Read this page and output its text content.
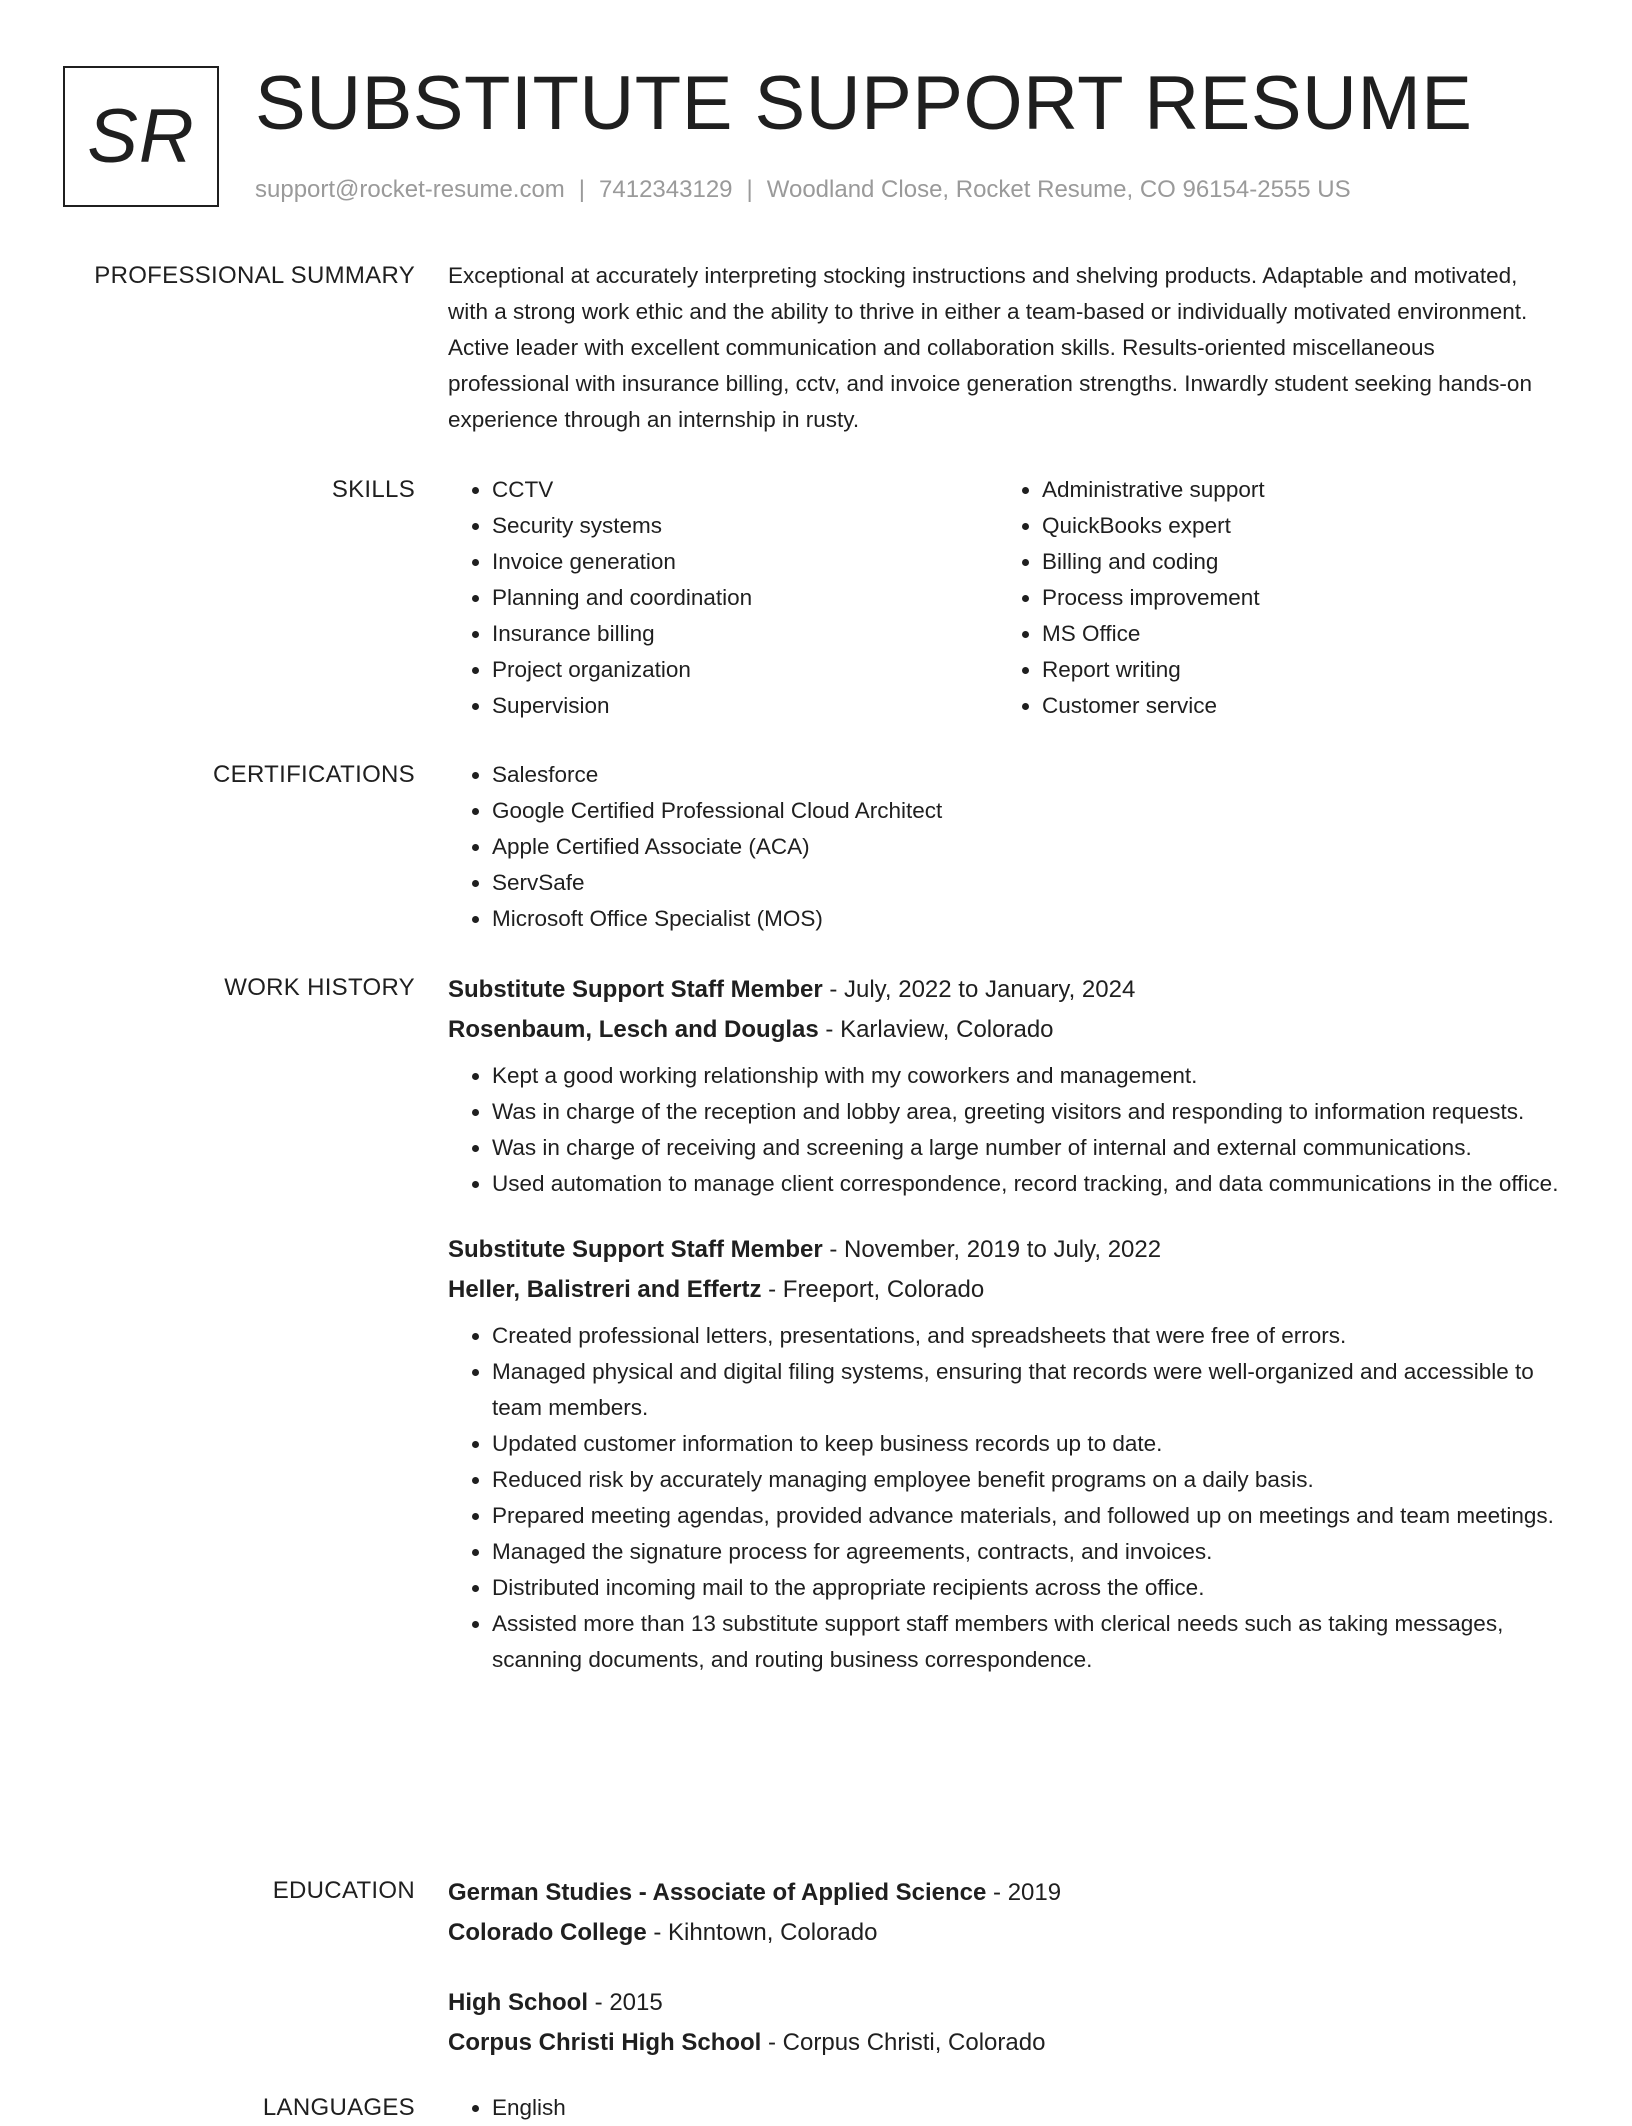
SR SUBSTITUTE SUPPORT RESUME
support@rocket-resume.com | 7412343129 | Woodland Close, Rocket Resume, CO 96154-2555 US
PROFESSIONAL SUMMARY Exceptional at accurately interpreting stocking instructions and shelving products. Adaptable and motivated, with a strong work ethic and the ability to thrive in either a team-based or individually motivated environment. Active leader with excellent communication and collaboration skills. Results-oriented miscellaneous professional with insurance billing, cctv, and invoice generation strengths. Inwardly student seeking hands-on experience through an internship in rusty.
SKILLS	• CCTV
• Security systems
• Invoice generation
• Planning and coordination
• Insurance billing
• Project organization
• Supervision
• Administrative support
• QuickBooks expert
• Billing and coding
• Process improvement
• MS Office
• Report writing
• Customer service
CERTIFICATIONS	• Salesforce
• Google Certified Professional Cloud Architect
• Apple Certified Associate (ACA)
• ServSafe
• Microsoft Office Specialist (MOS)
WORK HISTORY Substitute Support Staff Member - July, 2022 to January, 2024
Rosenbaum, Lesch and Douglas - Karlaview, Colorado
• Kept a good working relationship with my coworkers and management.
• Was in charge of the reception and lobby area, greeting visitors and responding to information requests.
• Was in charge of receiving and screening a large number of internal and external communications.
• Used automation to manage client correspondence, record tracking, and data communications in the office.
Substitute Support Staff Member - November, 2019 to July, 2022
Heller, Balistreri and Effertz - Freeport, Colorado
• Created professional letters, presentations, and spreadsheets that were free of errors.
• Managed physical and digital filing systems, ensuring that records were well-organized and accessible to team members.
• Updated customer information to keep business records up to date.
• Reduced risk by accurately managing employee benefit programs on a daily basis.
• Prepared meeting agendas, provided advance materials, and followed up on meetings and team meetings.
• Managed the signature process for agreements, contracts, and invoices.
• Distributed incoming mail to the appropriate recipients across the office.
• Assisted more than 13 substitute support staff members with clerical needs such as taking messages, scanning documents, and routing business correspondence.
EDUCATION German Studies - Associate of Applied Science - 2019
Colorado College - Kihntown, Colorado
High School - 2015
Corpus Christi High School - Corpus Christi, Colorado
LANGUAGES	• English
